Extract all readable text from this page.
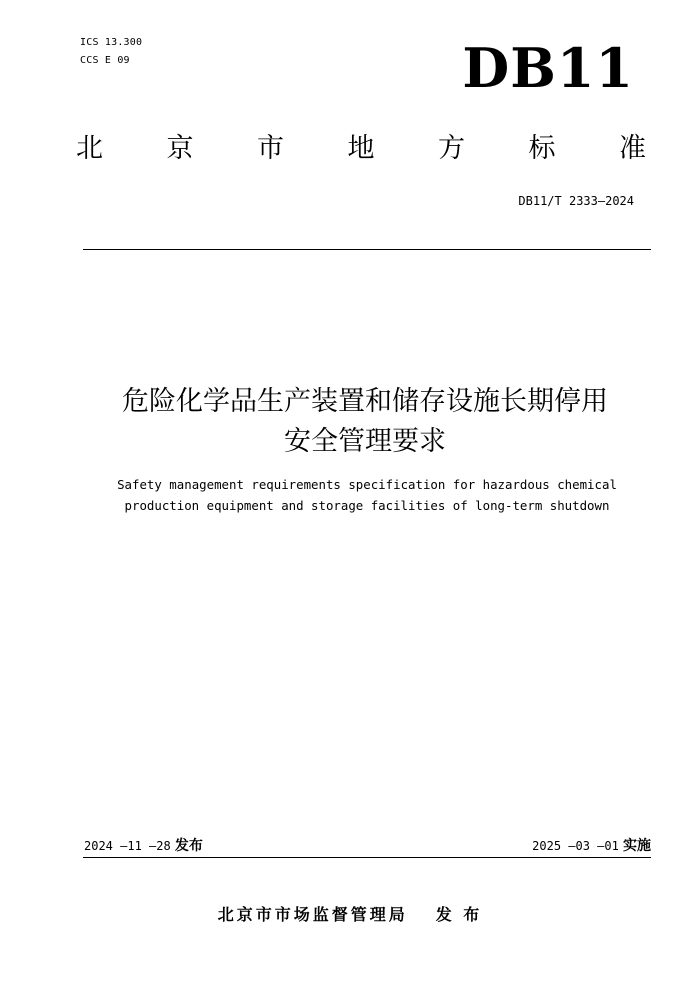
ICS 13.300
CCS E 09	DB11
北 京 市 地 方 标 准
DB11/T 2333—2024
危险化学品生产装置和储存设施长期停用
安全管理要求
Safety management requirements specification for hazardous chemical
production equipment and storage facilities of long-term shutdown
2024 —11 —28 发布	2025 —03 —01 实施
北京市市场监督管理局 发 布
